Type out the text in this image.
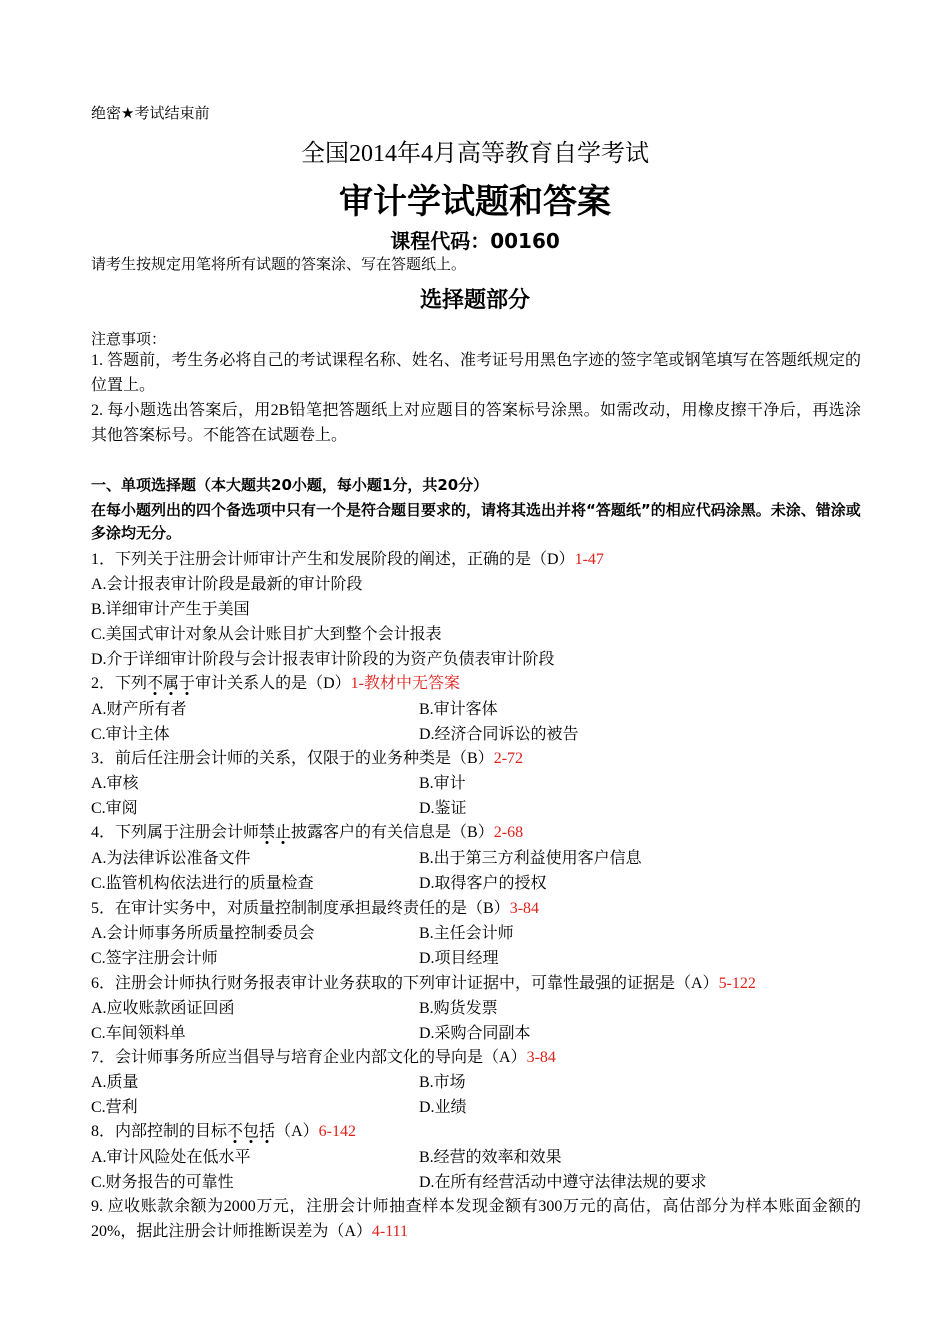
绝密★考试结束前
全国2014年4月高等教育自学考试
审计学试题和答案
课程代码：00160
请考生按规定用笔将所有试题的答案涂、写在答题纸上。
选择题部分
注意事项：
1. 答题前，考生务必将自己的考试课程名称、姓名、准考证号用黑色字迹的签字笔或钢笔填写在答题纸规定的位置上。
2. 每小题选出答案后，用2B铅笔把答题纸上对应题目的答案标号涂黑。如需改动，用橡皮擦干净后，再选涂其他答案标号。不能答在试题卷上。
一、单项选择题（本大题共20小题，每小题1分，共20分）
在每小题列出的四个备选项中只有一个是符合题目要求的，请将其选出并将“答题纸”的相应代码涂黑。未涂、错涂或多涂均无分。
1．下列关于注册会计师审计产生和发展阶段的阐述，正确的是（D）1-47
A.会计报表审计阶段是最新的审计阶段
B.详细审计产生于美国
C.美国式审计对象从会计账目扩大到整个会计报表
D.介于详细审计阶段与会计报表审计阶段的为资产负债表审计阶段
2．下列不
属
于
审计关系人的是（D）1-教材中无答案
A.财产所有者	B.审计客体
C.审计主体	D.经济合同诉讼的被告
3．前后任注册会计师的关系，仅限于的业务种类是（B）2-72
A.审核	B.审计
C.审阅	D.鉴证
4．下列属于注册会计师禁
止
披露客户的有关信息是（B）2-68
A.为法律诉讼准备文件	B.出于第三方利益使用客户信息
C.监管机构依法进行的质量检查	D.取得客户的授权
5．在审计实务中，对质量控制制度承担最终责任的是（B）3-84
A.会计师事务所质量控制委员会	B.主任会计师
C.签字注册会计师	D.项目经理
6．注册会计师执行财务报表审计业务获取的下列审计证据中，可靠性最强的证据是（A）5-122
A.应收账款函证回函	B.购货发票
C.车间领料单	D.采购合同副本
7．会计师事务所应当倡导与培育企业内部文化的导向是（A）3-84
A.质量	B.市场
C.营利	D.业绩
8．内部控制的目标不
包
括
（A）6-142
A.审计风险处在低水平	B.经营的效率和效果
C.财务报告的可靠性	D.在所有经营活动中遵守法律法规的要求
9. 应收账款余额为2000万元，注册会计师抽查样本发现金额有300万元的高估，高估部分为样本账面金额的20%，据此注册会计师推断误差为（A）4-111
